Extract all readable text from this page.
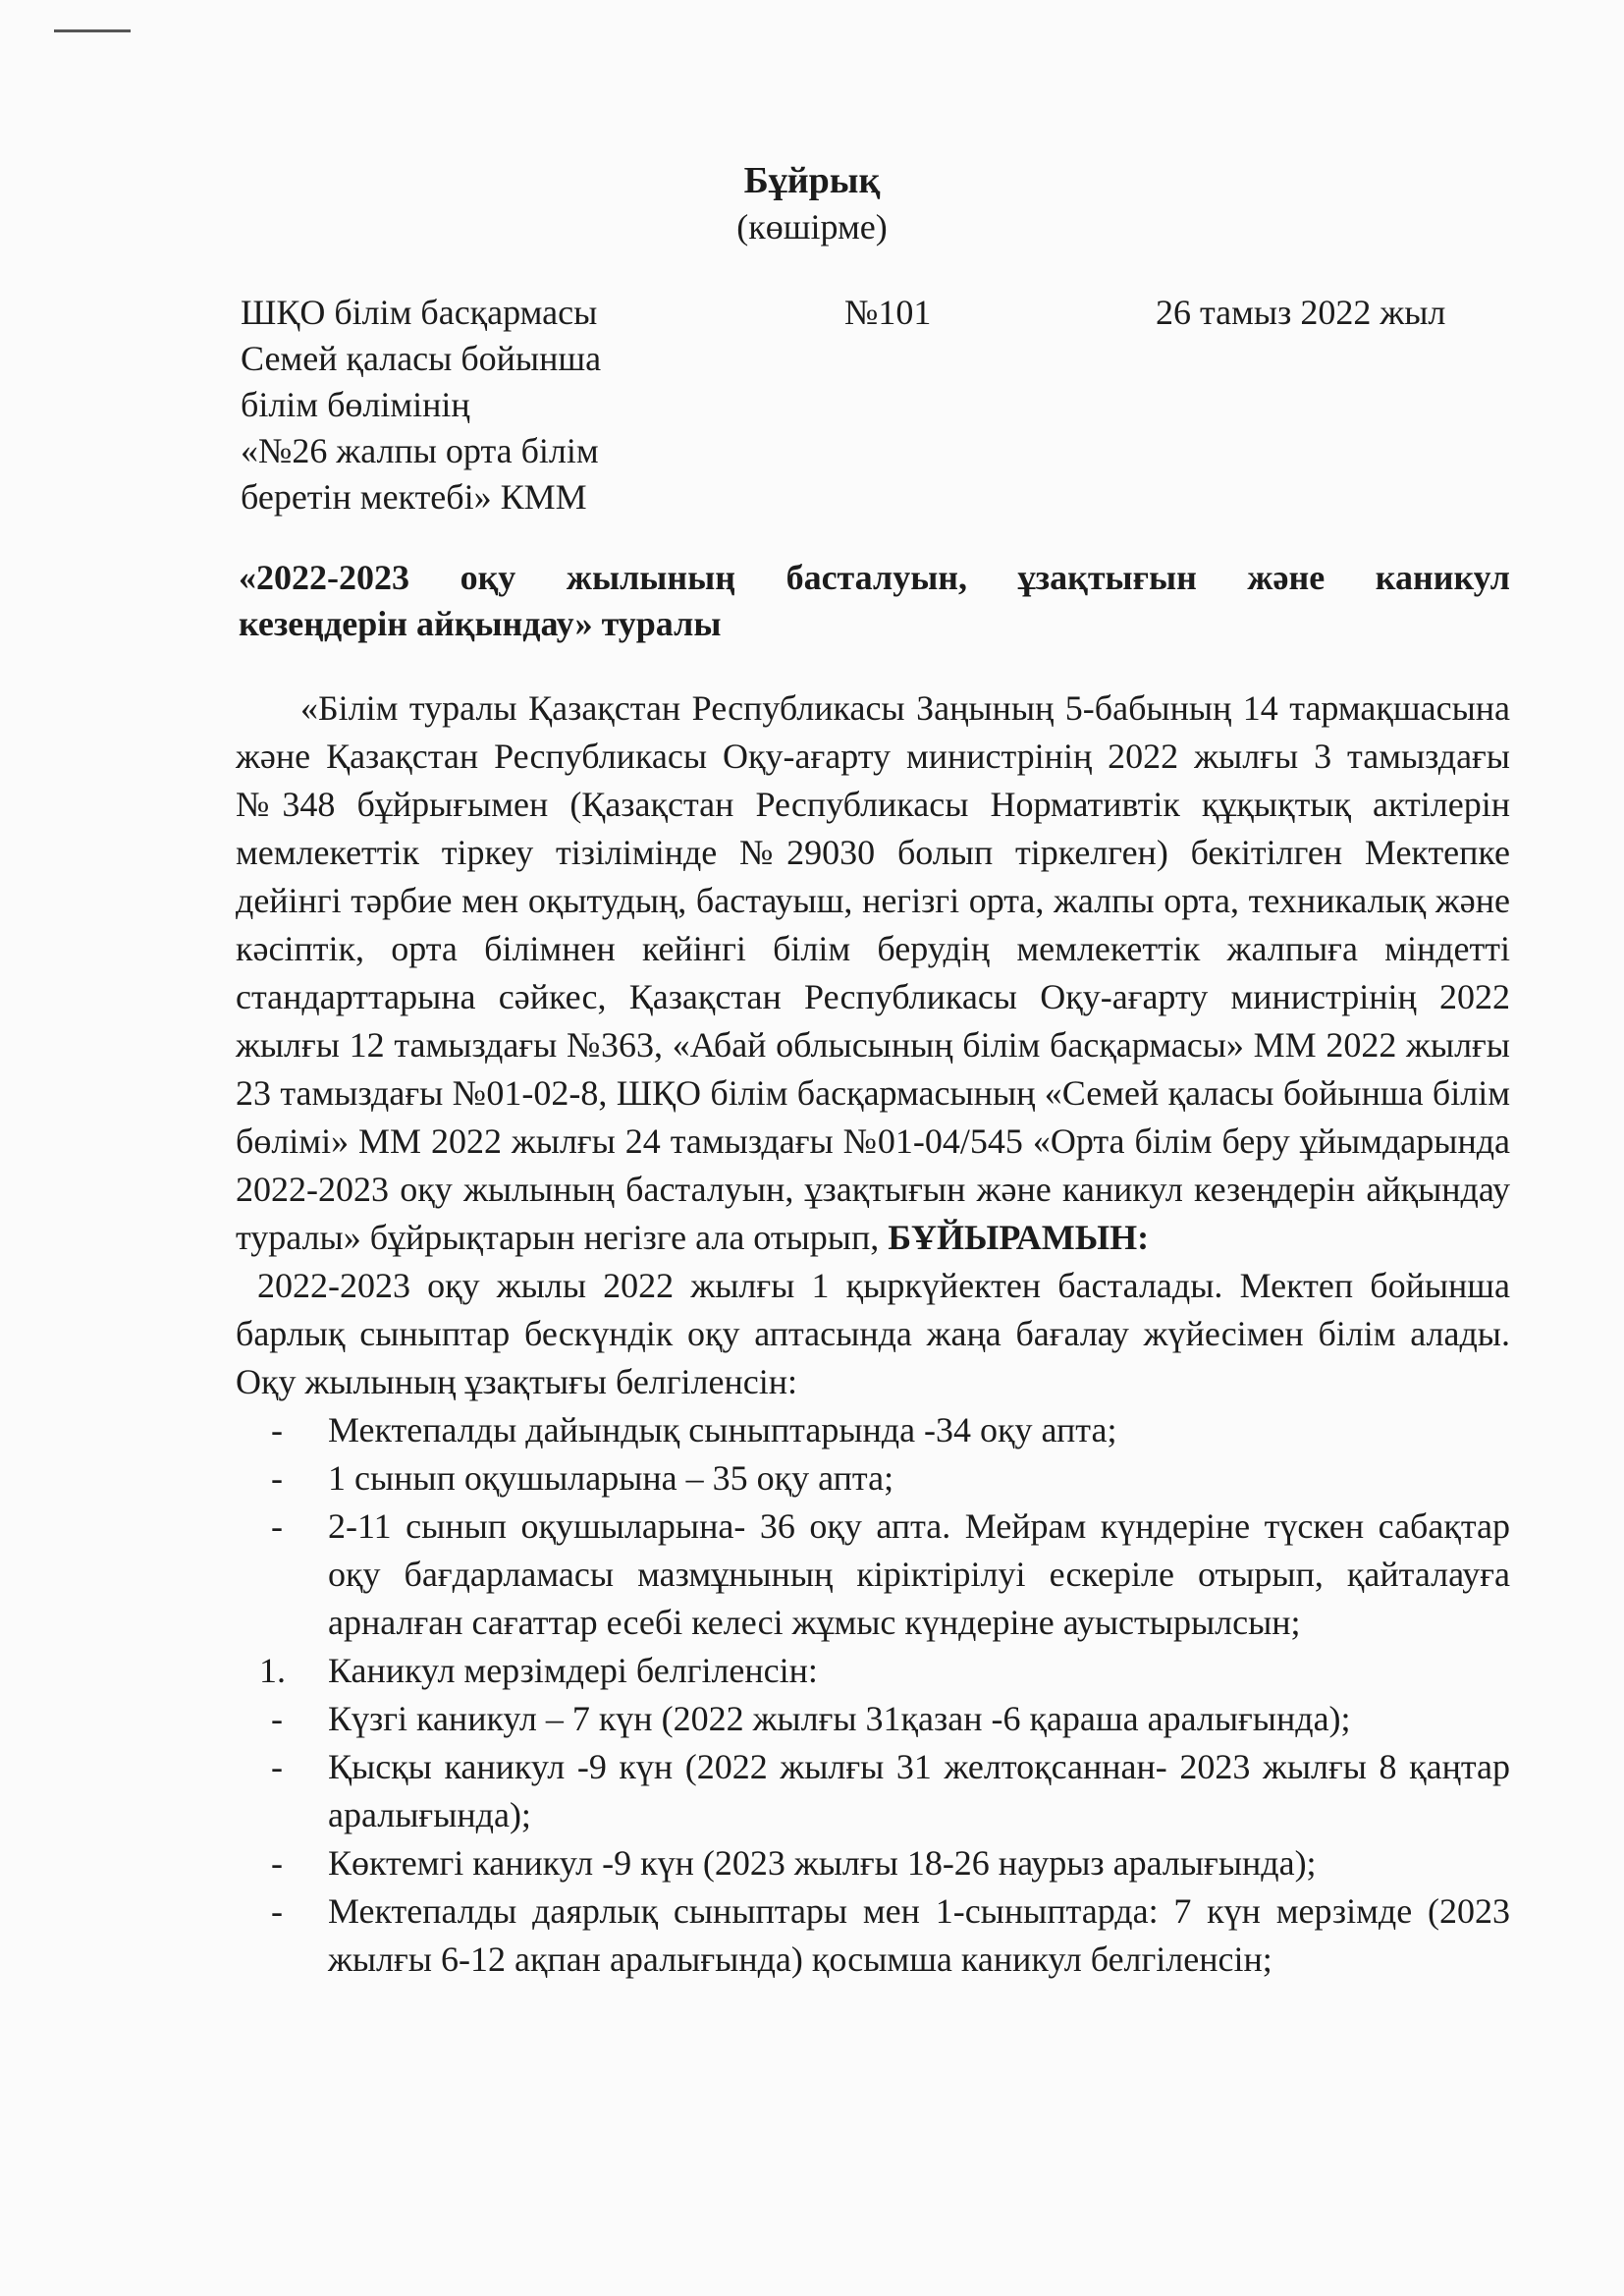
Бұйрық
(көшірме)
ШҚО білім басқармасы
Семей қаласы бойынша
білім бөлімінің
«№26 жалпы орта білім
беретін мектебі» КММ
№101	26 тамыз 2022 жыл
«2022-2023 оқу жылының басталуын, ұзақтығын және каникул
кезеңдерін айқындау» туралы

«Білім туралы Қазақстан Республикасы Заңының 5-бабының 14 тармақшасына және Қазақстан Республикасы Оқу-ағарту министрінің 2022 жылғы 3 тамыздағы №348 бұйрығымен (Қазақстан Республикасы Нормативтік құқықтық актілерін мемлекеттік тіркеу тізілімінде №29030 болып тіркелген) бекітілген Мектепке дейінгі тәрбие мен оқытудың, бастауыш, негізгі орта, жалпы орта, техникалық және кәсіптік, орта білімнен кейінгі білім берудің мемлекеттік жалпыға міндетті стандарттарына сәйкес, Қазақстан Республикасы Оқу-ағарту министрінің 2022 жылғы 12 тамыздағы №363, «Абай облысының білім басқармасы» ММ 2022 жылғы 23 тамыздағы №01-02-8, ШҚО білім басқармасының «Семей қаласы бойынша білім бөлімі» ММ 2022 жылғы 24 тамыздағы №01-04/545 «Орта білім беру ұйымдарында 2022-2023 оқу жылының басталуын, ұзақтығын және каникул кезеңдерін айқындау туралы» бұйрықтарын негізге ала отырып, БҰЙЫРАМЫН:

2022-2023 оқу жылы 2022 жылғы 1 қыркүйектен басталады. Мектеп бойынша барлық сыныптар бескүндік оқу аптасында жаңа бағалау жүйесімен білім алады. Оқу жылының ұзақтығы белгіленсін:

- Мектепалды дайындық сыныптарында -34 оқу апта;
- 1 сынып оқушыларына – 35 оқу апта;
- 2-11 сынып оқушыларына- 36 оқу апта. Мейрам күндеріне түскен сабақтар оқу бағдарламасы мазмұнының кіріктірілуі ескеріле отырып, қайталауға арналған сағаттар есебі келесі жұмыс күндеріне ауыстырылсын;
1. Каникул мерзімдері белгіленсін:
- Күзгі каникул – 7 күн (2022 жылғы 31қазан -6 қараша аралығында);
- Қысқы каникул -9 күн (2022 жылғы 31 желтоқсаннан- 2023 жылғы 8 қаңтар аралығында);
- Көктемгі каникул -9 күн (2023 жылғы 18-26 наурыз аралығында);
- Мектепалды даярлық сыныптары мен 1-сыныптарда: 7 күн мерзімде (2023 жылғы 6-12 ақпан аралығында) қосымша каникул белгіленсін;
